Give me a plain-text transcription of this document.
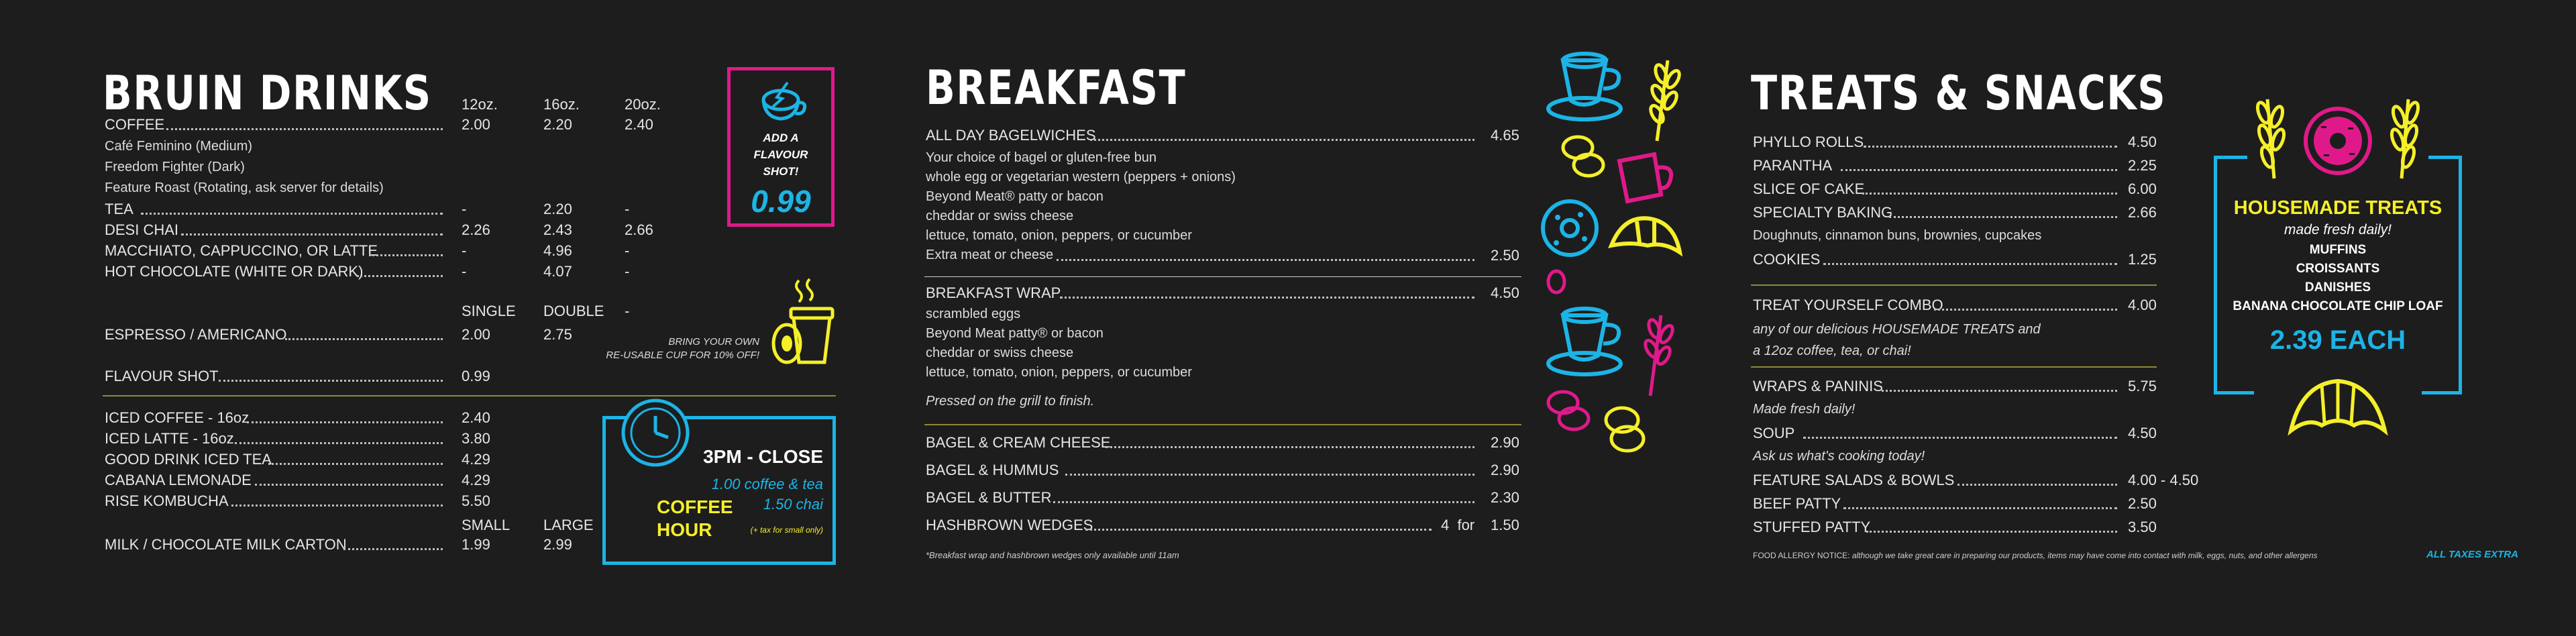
BRUIN DRINKS 12oz.	16oz.	20oz.
COFFEE	2.00	2.20	2.40
Café Feminino (Medium)
Freedom Fighter (Dark)
Feature Roast (Rotating, ask server for details)
TEA	-	2.20	-
DESI CHAI	2.26	2.43	2.66
MACCHIATO, CAPPUCCINO, OR LATTE	-	4.96	-
HOT CHOCOLATE (WHITE OR DARK)	-	4.07	-
SINGLE DOUBLE -
ESPRESSO / AMERICANO	2.00	2.75
FLAVOUR SHOT	0.99
ADD A
FLAVOUR
SHOT!
0.99
BRING YOUR OWN
RE-USABLE CUP FOR 10% OFF!
ICED COFFEE - 16oz	2.40
ICED LATTE - 16oz	3.80
GOOD DRINK ICED TEA	4.29
CABANA LEMONADE	4.29
RISE KOMBUCHA	5.50
SMALL LARGE
MILK / CHOCOLATE MILK CARTON	1.99	2.99
COFFEE
HOUR
3PM - CLOSE
1.00 coffee & tea
1.50 chai
(+ tax for small only)
BREAKFAST
ALL DAY BAGELWICHES	4.65
Your choice of bagel or gluten-free bun
whole egg or vegetarian western (peppers + onions)
Beyond Meat® patty or bacon
cheddar or swiss cheese
lettuce, tomato, onion, peppers, or cucumber
Extra meat or cheese	2.50
BREAKFAST WRAP	4.50
scrambled eggs
Beyond Meat patty® or bacon
cheddar or swiss cheese
lettuce, tomato, onion, peppers, or cucumber
Pressed on the grill to finish.
BAGEL & CREAM CHEESE	2.90
BAGEL & HUMMUS	2.90
BAGEL & BUTTER	2.30
HASHBROWN WEDGES	4  for 1.50
*Breakfast wrap and hashbrown wedges only available until 11am
TREATS & SNACKS
PHYLLO ROLLS	4.50
PARANTHA	2.25
SLICE OF CAKE	6.00
SPECIALTY BAKING	2.66
Doughnuts, cinnamon buns, brownies, cupcakes
COOKIES	1.25
TREAT YOURSELF COMBO	4.00
any of our delicious HOUSEMADE TREATS and
a 12oz coffee, tea, or chai!
WRAPS & PANINIS	5.75
Made fresh daily!
SOUP	4.50
Ask us what's cooking today!
FEATURE SALADS & BOWLS	4.00 - 4.50
BEEF PATTY	2.50
STUFFED PATTY	3.50
FOOD ALLERGY NOTICE: although we take great care in preparing our products, items may have come into contact with milk, eggs, nuts, and other allergens	ALL TAXES EXTRA
HOUSEMADE TREATS
made fresh daily!
MUFFINS
CROISSANTS
DANISHES
BANANA CHOCOLATE CHIP LOAF
2.39 EACH
